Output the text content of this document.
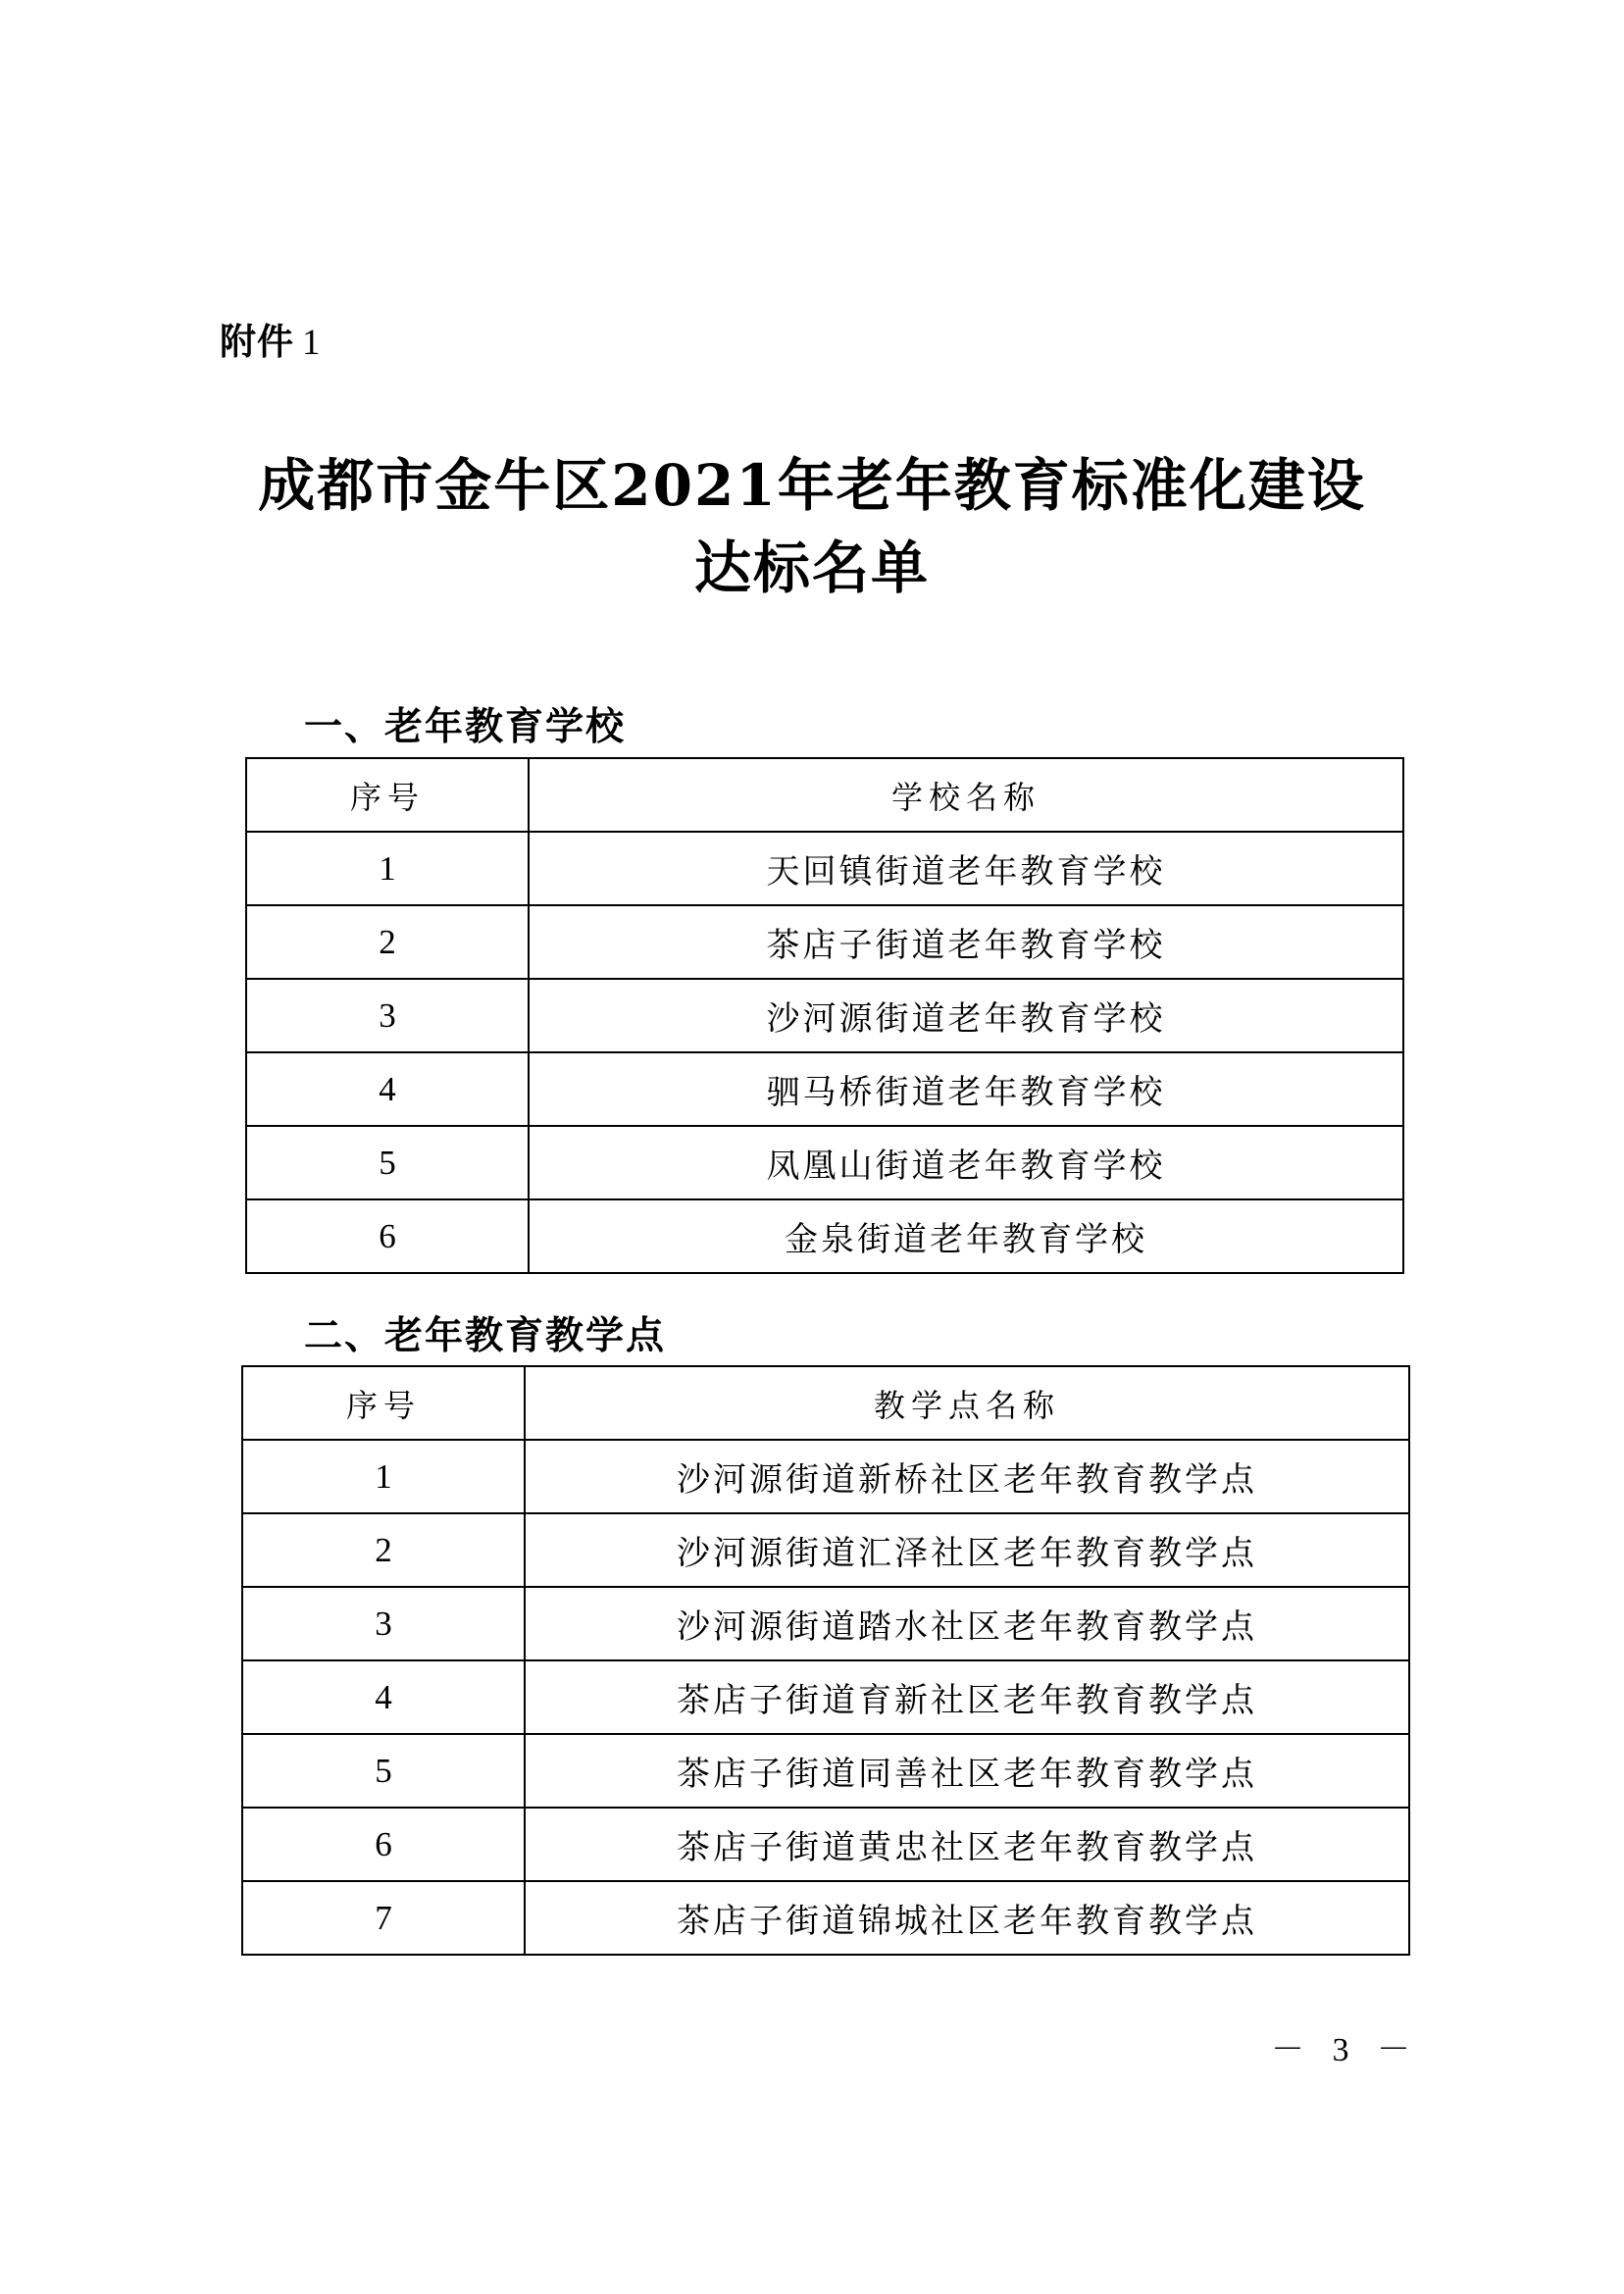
附件 1
成都市金牛区2021年老年教育标准化建设
达标名单
一、老年教育学校
序号	学校名称
1	天回镇街道老年教育学校
2	茶店子街道老年教育学校
3	沙河源街道老年教育学校
4	驷马桥街道老年教育学校
5	凤凰山街道老年教育学校
6	金泉街道老年教育学校
二、老年教育教学点
序号	教学点名称
1	沙河源街道新桥社区老年教育教学点
2	沙河源街道汇泽社区老年教育教学点
3	沙河源街道踏水社区老年教育教学点
4	茶店子街道育新社区老年教育教学点
5	茶店子街道同善社区老年教育教学点
6	茶店子街道黄忠社区老年教育教学点
7	茶店子街道锦城社区老年教育教学点
－ 3 －
